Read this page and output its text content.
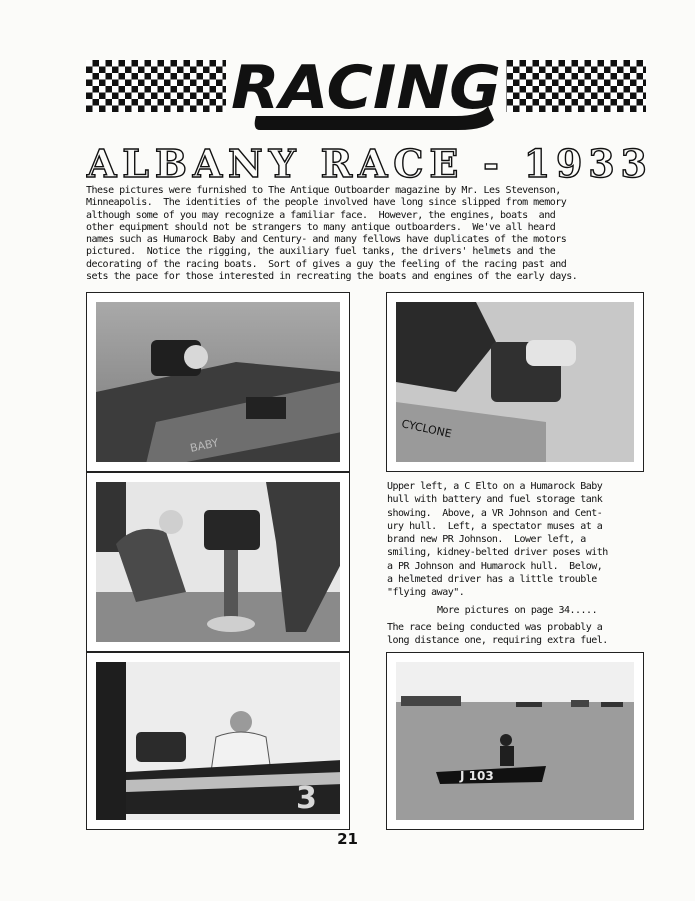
RACING
ALBANY RACE - 1933
These pictures were furnished to The Antique Outboarder magazine by Mr. Les Stevenson,
Minneapolis.  The identities of the people involved have long since slipped from memory
although some of you may recognize a familiar face.  However, the engines, boats  and
other equipment should not be strangers to many antique outboarders.  We've all heard
names such as Humarock Baby and Century- and many fellows have duplicates of the motors
pictured.  Notice the rigging, the auxiliary fuel tanks, the drivers' helmets and the
decorating of the racing boats.  Sort of gives a guy the feeling of the racing past and
sets the pace for those interested in recreating the boats and engines of the early days.
BABY
CYCLONE
3
J 103
Upper left, a C Elto on a Humarock Baby
hull with battery and fuel storage tank
showing.  Above, a VR Johnson and Cent-
ury hull.  Left, a spectator muses at a
brand new PR Johnson.  Lower left, a
smiling, kidney-belted driver poses with
a PR Johnson and Humarock hull.  Below,
a helmeted driver has a little trouble
"flying away".
More pictures on page 34.....
The race being conducted was probably a
long distance one, requiring extra fuel.
21
